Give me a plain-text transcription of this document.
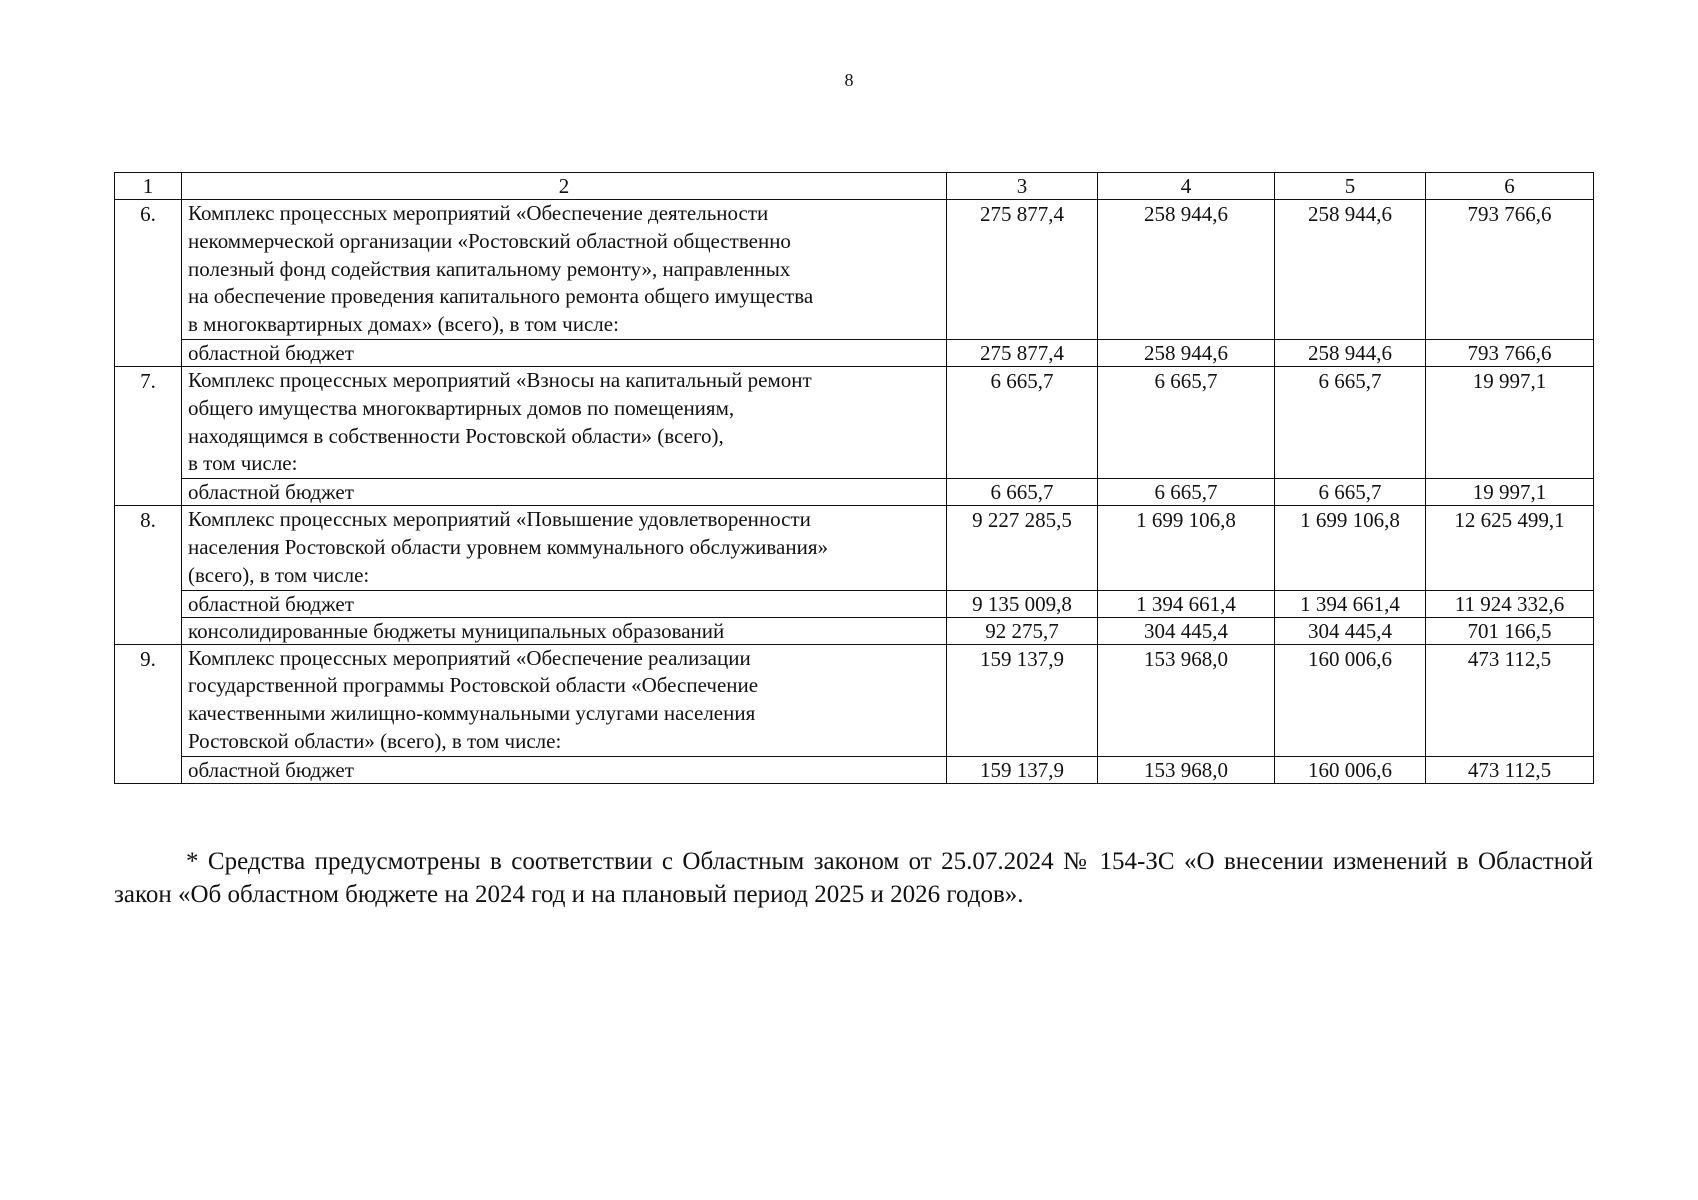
8
1	2	3	4	5	6
6.	Комплекс процессных мероприятий «Обеспечение деятельности
некоммерческой организации «Ростовский областной общественно
полезный фонд содействия капитальному ремонту», направленных
на обеспечение проведения капитального ремонта общего имущества
в многоквартирных домах» (всего), в том числе:	275 877,4	258 944,6	258 944,6	793 766,6
	областной бюджет	275 877,4	258 944,6	258 944,6	793 766,6
7.	Комплекс процессных мероприятий «Взносы на капитальный ремонт
общего имущества многоквартирных домов по помещениям,
находящимся в собственности Ростовской области» (всего),
в том числе:	6 665,7	6 665,7	6 665,7	19 997,1
	областной бюджет	6 665,7	6 665,7	6 665,7	19 997,1
8.	Комплекс процессных мероприятий «Повышение удовлетворенности
населения Ростовской области уровнем коммунального обслуживания»
(всего), в том числе:	9 227 285,5	1 699 106,8	1 699 106,8	12 625 499,1
	областной бюджет	9 135 009,8	1 394 661,4	1 394 661,4	11 924 332,6
	консолидированные бюджеты муниципальных образований	92 275,7	304 445,4	304 445,4	701 166,5
9.	Комплекс процессных мероприятий «Обеспечение реализации
государственной программы Ростовской области «Обеспечение
качественными жилищно-коммунальными услугами населения
Ростовской области» (всего), в том числе:	159 137,9	153 968,0	160 006,6	473 112,5
	областной бюджет	159 137,9	153 968,0	160 006,6	473 112,5

* Средства предусмотрены в соответствии с Областным законом от 25.07.2024 № 154-ЗС «О внесении изменений в Областной закон «Об областном бюджете на 2024 год и на плановый период 2025 и 2026 годов».
